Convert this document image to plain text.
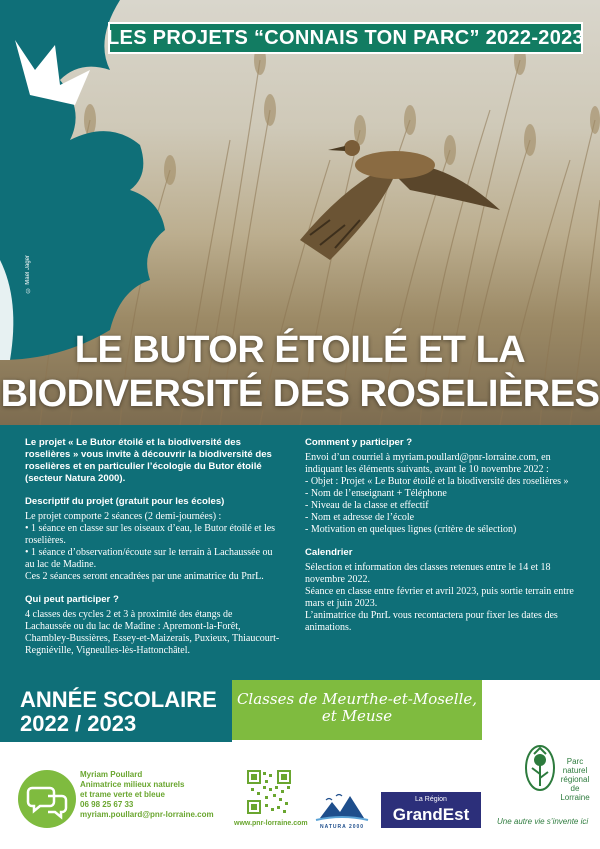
LES PROJETS “CONNAIS TON PARC” 2022-2023
© Mael Jager
LE BUTOR ÉTOILÉ ET LA
BIODIVERSITÉ DES ROSELIÈRES

Le projet « Le Butor étoilé et la biodiversité des roselières » vous invite à découvrir la biodiversité des roselières et en particulier l’écologie du Butor étoilé (secteur Natura 2000).

Descriptif du projet (gratuit pour les écoles)

Le projet comporte 2 séances (2 demi-journées) :
• 1 séance en classe sur les oiseaux d’eau, le Butor étoilé et les roselières.
• 1 séance d’observation/écoute sur le terrain à Lachaussée ou au lac de Madine.
Ces 2 séances seront encadrées par une animatrice du PnrL.

Qui peut participer ?

4 classes des cycles 2 et 3 à proximité des étangs de Lachaussée ou du lac de Madine : Apremont-la-Forêt, Chambley-Bussières, Essey-et-Maizerais, Puxieux, Thiaucourt-Regniéville, Vigneulles-lès-Hattonchâtel.

Comment y participer ?

Envoi d’un courriel à myriam.poullard@pnr-lorraine.com, en indiquant les éléments suivants, avant le 10 novembre 2022 :
- Objet : Projet « Le Butor étoilé et la biodiversité des roselières »
- Nom de l’enseignant + Téléphone
- Niveau de la classe et effectif
- Nom et adresse de l’école
- Motivation en quelques lignes (critère de sélection)

Calendrier

Sélection et information des classes retenues entre le 14 et 18 novembre 2022.
Séance en classe entre février et avril 2023, puis sortie terrain entre mars et juin 2023.
L’animatrice du PnrL vous recontactera pour fixer les dates des animations.

ANNÉE SCOLAIRE
2022 / 2023
Classes de Meurthe-et-Moselle,
et Meuse
Myriam Poullard
Animatrice milieux naturels
et trame verte et bleue
06 98 25 67 33
myriam.poullard@pnr-lorraine.com
www.pnr-lorraine.com NATURA 2000
La Région
GrandEst
Parc
naturel
régional
de Lorraine
Une autre vie s’invente ici
